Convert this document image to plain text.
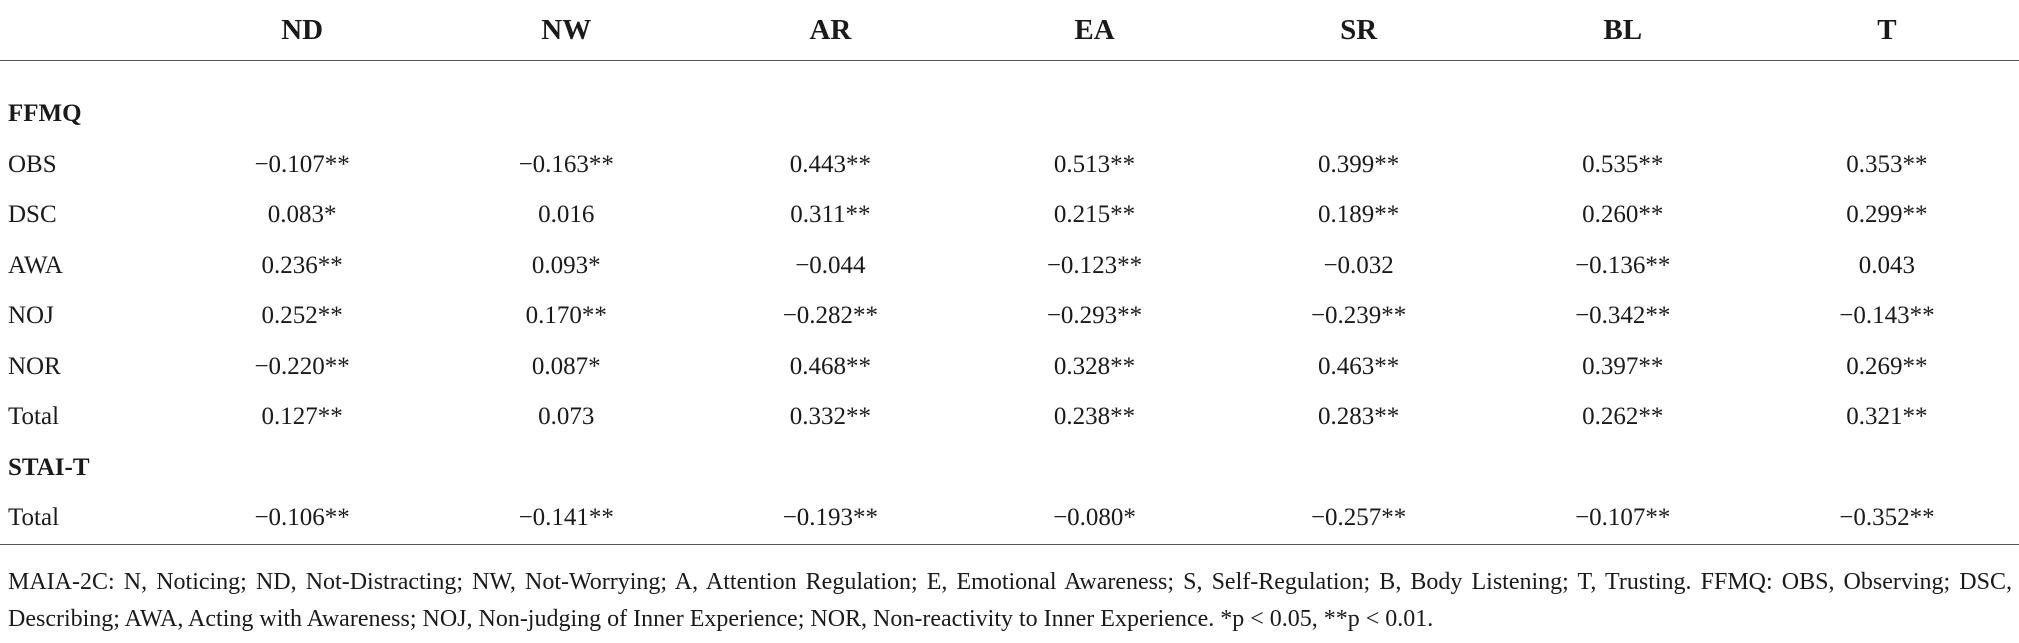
	ND	NW	AR	EA	SR	BL	T

FFMQ							
OBS	−0.107**	−0.163**	0.443**	0.513**	0.399**	0.535**	0.353**
DSC	0.083*	0.016	0.311**	0.215**	0.189**	0.260**	0.299**
AWA	0.236**	0.093*	−0.044	−0.123**	−0.032	−0.136**	0.043
NOJ	0.252**	0.170**	−0.282**	−0.293**	−0.239**	−0.342**	−0.143**
NOR	−0.220**	0.087*	0.468**	0.328**	0.463**	0.397**	0.269**
Total	0.127**	0.073	0.332**	0.238**	0.283**	0.262**	0.321**
STAI-T							
Total	−0.106**	−0.141**	−0.193**	−0.080*	−0.257**	−0.107**	−0.352**
MAIA-2C: N, Noticing; ND, Not-Distracting; NW, Not-Worrying; A, Attention Regulation; E, Emotional Awareness; S, Self-Regulation; B, Body Listening; T, Trusting. FFMQ: OBS, Observing; DSC, Describing; AWA, Acting with Awareness; NOJ, Non-judging of Inner Experience; NOR, Non-reactivity to Inner Experience. *p < 0.05, **p < 0.01.
